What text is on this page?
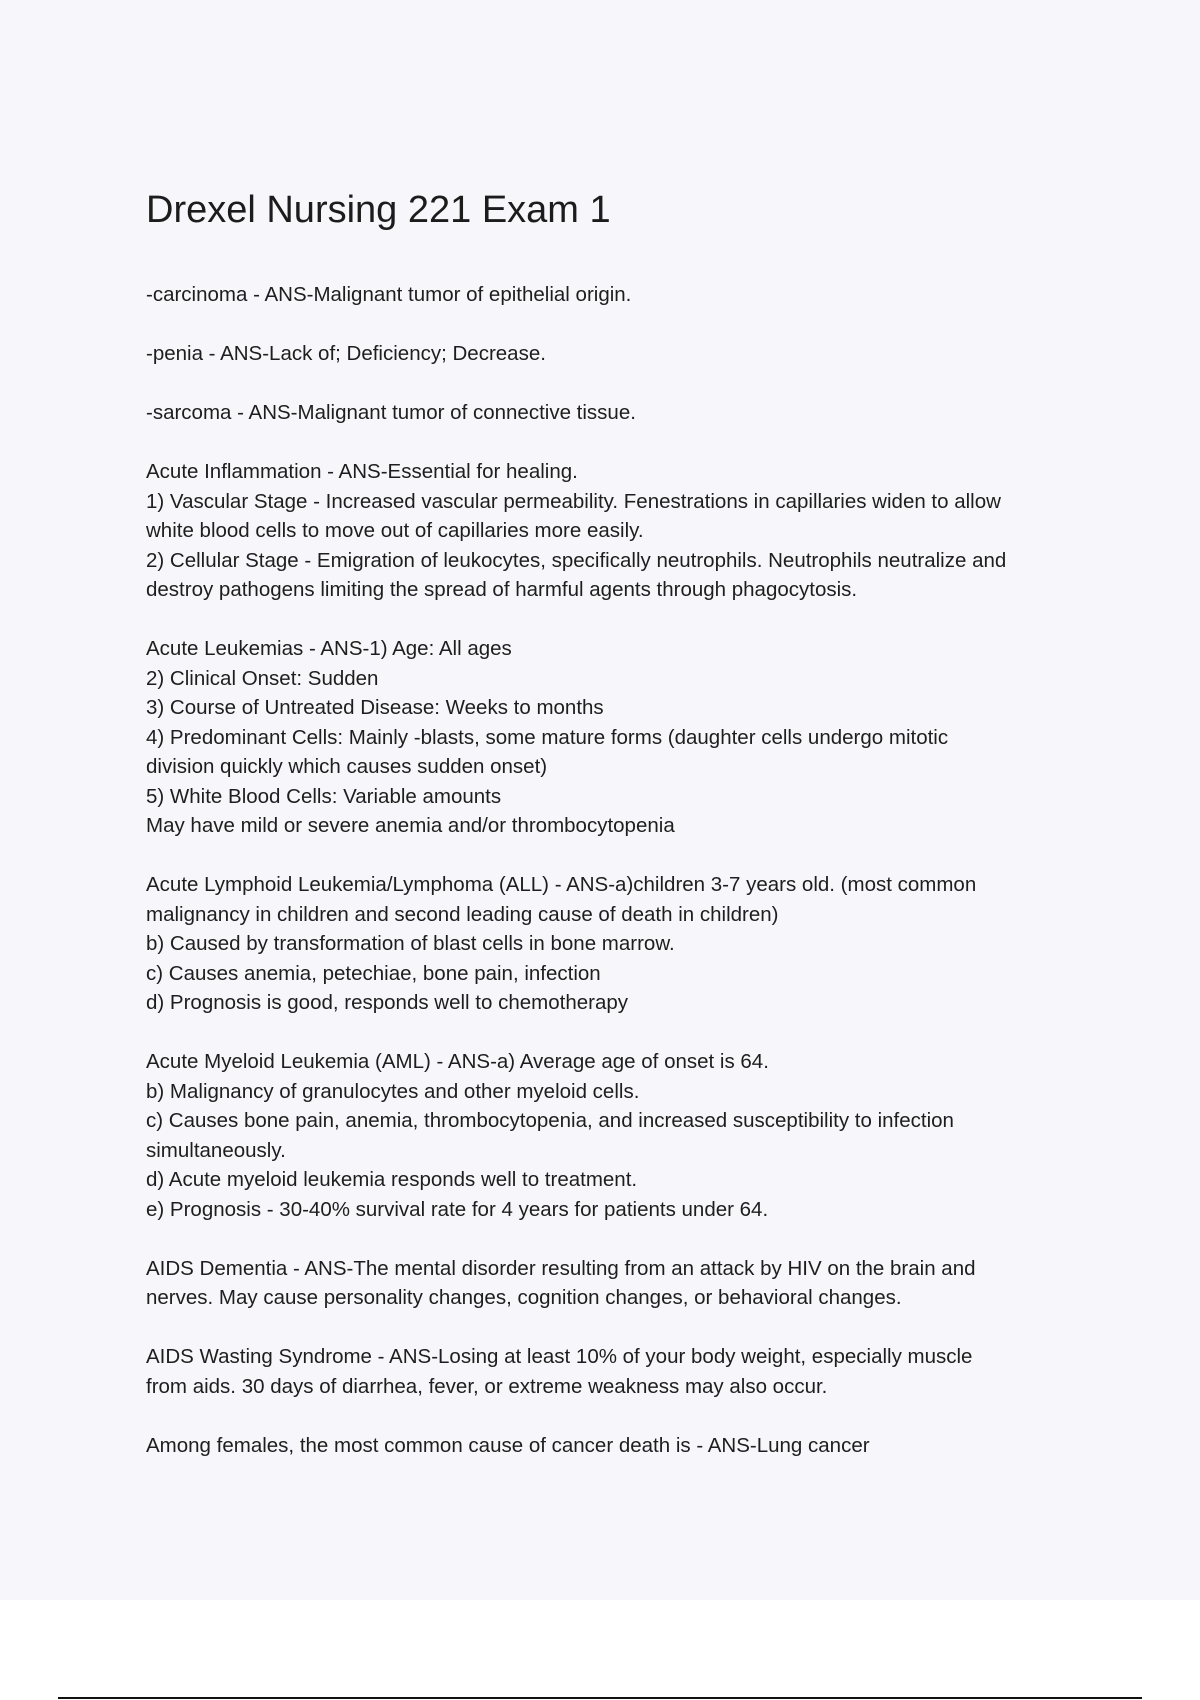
Drexel Nursing 221 Exam 1
-carcinoma - ANS-Malignant tumor of epithelial origin.
-penia - ANS-Lack of; Deficiency; Decrease.
-sarcoma - ANS-Malignant tumor of connective tissue.
Acute Inflammation - ANS-Essential for healing.
1) Vascular Stage - Increased vascular permeability. Fenestrations in capillaries widen to allow
white blood cells to move out of capillaries more easily.
2) Cellular Stage - Emigration of leukocytes, specifically neutrophils. Neutrophils neutralize and
destroy pathogens limiting the spread of harmful agents through phagocytosis.
Acute Leukemias - ANS-1) Age: All ages
2) Clinical Onset: Sudden
3) Course of Untreated Disease: Weeks to months
4) Predominant Cells: Mainly -blasts, some mature forms (daughter cells undergo mitotic
division quickly which causes sudden onset)
5) White Blood Cells: Variable amounts
May have mild or severe anemia and/or thrombocytopenia
Acute Lymphoid Leukemia/Lymphoma (ALL) - ANS-a)children 3-7 years old. (most common
malignancy in children and second leading cause of death in children)
b) Caused by transformation of blast cells in bone marrow.
c) Causes anemia, petechiae, bone pain, infection
d) Prognosis is good, responds well to chemotherapy
Acute Myeloid Leukemia (AML) - ANS-a) Average age of onset is 64.
b) Malignancy of granulocytes and other myeloid cells.
c) Causes bone pain, anemia, thrombocytopenia, and increased susceptibility to infection
simultaneously.
d) Acute myeloid leukemia responds well to treatment.
e) Prognosis - 30-40% survival rate for 4 years for patients under 64.
AIDS Dementia - ANS-The mental disorder resulting from an attack by HIV on the brain and
nerves. May cause personality changes, cognition changes, or behavioral changes.
AIDS Wasting Syndrome - ANS-Losing at least 10% of your body weight, especially muscle
from aids. 30 days of diarrhea, fever, or extreme weakness may also occur.
Among females, the most common cause of cancer death is - ANS-Lung cancer
